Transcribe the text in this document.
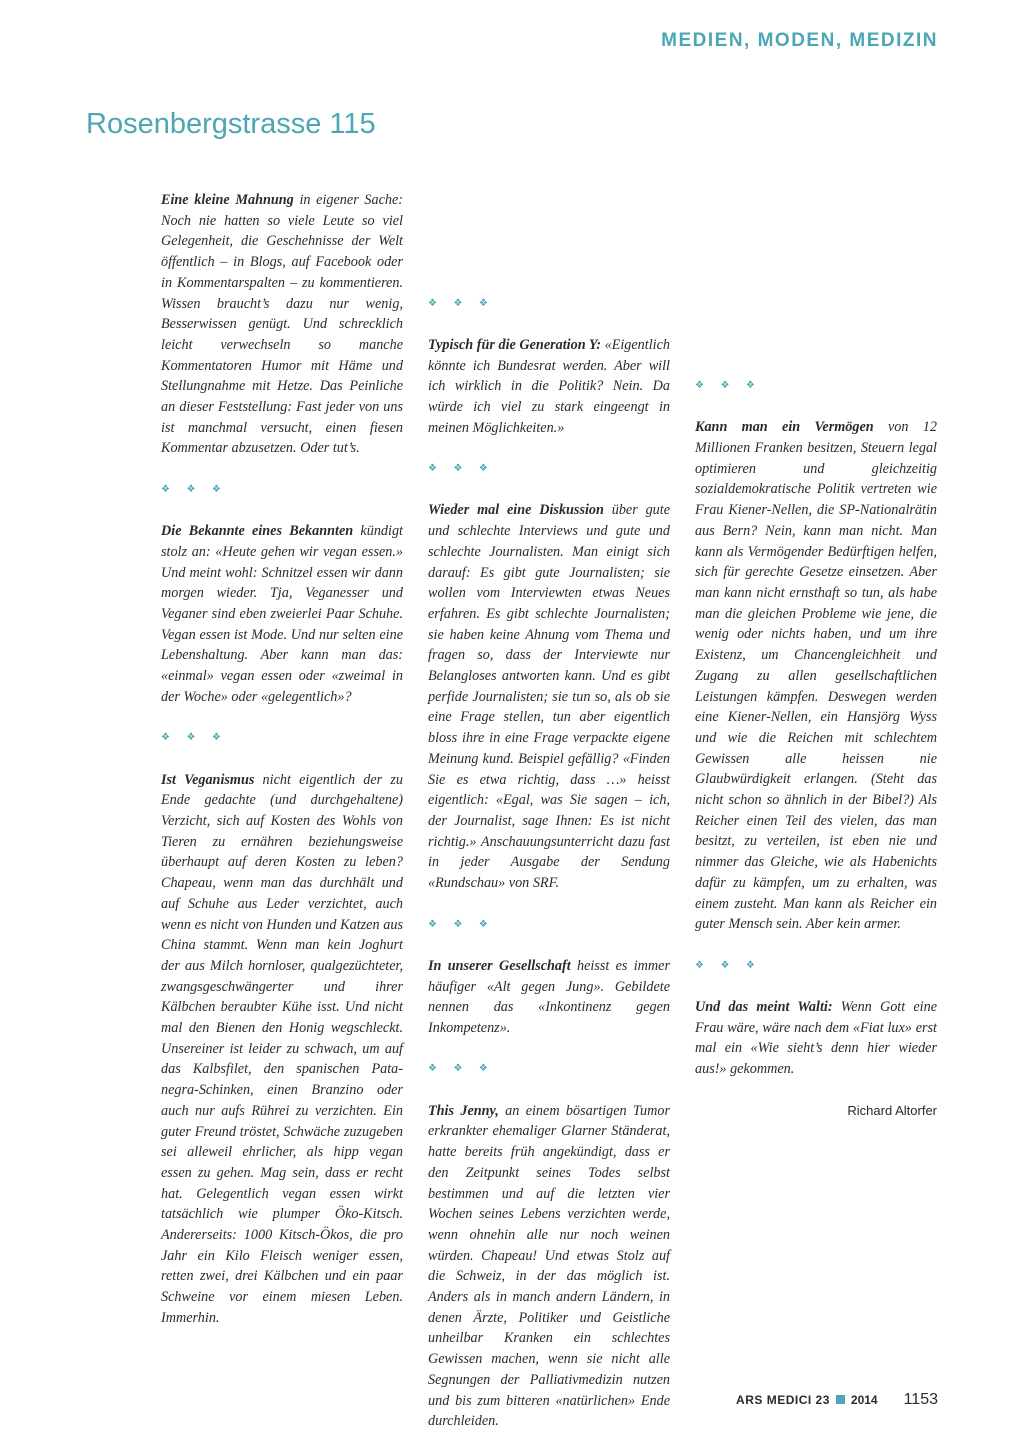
MEDIEN, MODEN, MEDIZIN
Rosenbergstrasse 115

Eine kleine Mahnung in eigener Sache: Noch nie hatten so viele Leute so viel Gelegenheit, die Geschehnisse der Welt öffentlich – in Blogs, auf Facebook oder in Kommentarspalten – zu kommentieren. Wissen braucht’s dazu nur wenig, Besserwissen genügt. Und schrecklich leicht verwechseln so manche Kommentatoren Humor mit Häme und Stellungnahme mit Hetze. Das Peinliche an dieser Feststellung: Fast jeder von uns ist manchmal versucht, einen fiesen Kommentar abzusetzen. Oder tut’s.

❖ ❖ ❖

Die Bekannte eines Bekannten kündigt stolz an: «Heute gehen wir vegan essen.» Und meint wohl: Schnitzel essen wir dann morgen wieder. Tja, Veganesser und Veganer sind eben zweierlei Paar Schuhe. Vegan essen ist Mode. Und nur selten eine Lebenshaltung. Aber kann man das: «einmal» vegan essen oder «zweimal in der Woche» oder «gelegentlich»?

❖ ❖ ❖

Ist Veganismus nicht eigentlich der zu Ende gedachte (und durchgehaltene) Verzicht, sich auf Kosten des Wohls von Tieren zu ernähren beziehungsweise überhaupt auf deren Kosten zu leben? Chapeau, wenn man das durchhält und auf Schuhe aus Leder verzichtet, auch wenn es nicht von Hunden und Katzen aus China stammt. Wenn man kein Joghurt der aus Milch hornloser, qualgezüchteter, zwangsgeschwängerter und ihrer Kälbchen beraubter Kühe isst. Und nicht mal den Bienen den Honig wegschleckt. Unsereiner ist leider zu schwach, um auf das Kalbsfilet, den spanischen Pata-negra-Schinken, einen Branzino oder auch nur aufs Rührei zu verzichten. Ein guter Freund tröstet, Schwäche zuzugeben sei alleweil ehrlicher, als hipp vegan essen zu gehen. Mag sein, dass er recht hat. Gelegentlich vegan essen wirkt tatsächlich wie plumper Öko-Kitsch. Andererseits: 1000 Kitsch-Ökos, die pro Jahr ein Kilo Fleisch weniger essen, retten zwei, drei Kälbchen und ein paar Schweine vor einem miesen Leben. Immerhin.

❖ ❖ ❖

Typisch für die Generation Y: «Eigentlich könnte ich Bundesrat werden. Aber will ich wirklich in die Politik? Nein. Da würde ich viel zu stark eingeengt in meinen Möglichkeiten.»

❖ ❖ ❖

Wieder mal eine Diskussion über gute und schlechte Interviews und gute und schlechte Journalisten. Man einigt sich darauf: Es gibt gute Journalisten; sie wollen vom Interviewten etwas Neues erfahren. Es gibt schlechte Journalisten; sie haben keine Ahnung vom Thema und fragen so, dass der Interviewte nur Belangloses antworten kann. Und es gibt perfide Journalisten; sie tun so, als ob sie eine Frage stellen, tun aber eigentlich bloss ihre in eine Frage verpackte eigene Meinung kund. Beispiel gefällig? «Finden Sie es etwa richtig, dass …» heisst eigentlich: «Egal, was Sie sagen – ich, der Journalist, sage Ihnen: Es ist nicht richtig.» Anschauungsunterricht dazu fast in jeder Ausgabe der Sendung «Rundschau» von SRF.

❖ ❖ ❖

In unserer Gesellschaft heisst es immer häufiger «Alt gegen Jung». Gebildete nennen das «Inkontinenz gegen Inkompetenz».

❖ ❖ ❖

This Jenny, an einem bösartigen Tumor erkrankter ehemaliger Glarner Ständerat, hatte bereits früh angekündigt, dass er den Zeitpunkt seines Todes selbst bestimmen und auf die letzten vier Wochen seines Lebens verzichten werde, wenn ohnehin alle nur noch weinen würden. Chapeau! Und etwas Stolz auf die Schweiz, in der das möglich ist. Anders als in manch andern Ländern, in denen Ärzte, Politiker und Geistliche unheilbar Kranken ein schlechtes Gewissen machen, wenn sie nicht alle Segnungen der Palliativmedizin nutzen und bis zum bitteren «natürlichen» Ende durchleiden.

❖ ❖ ❖

Kann man ein Vermögen von 12 Millionen Franken besitzen, Steuern legal optimieren und gleichzeitig sozialdemokratische Politik vertreten wie Frau Kiener-Nellen, die SP-Nationalrätin aus Bern? Nein, kann man nicht. Man kann als Vermögender Bedürftigen helfen, sich für gerechte Gesetze einsetzen. Aber man kann nicht ernsthaft so tun, als habe man die gleichen Probleme wie jene, die wenig oder nichts haben, und um ihre Existenz, um Chancengleichheit und Zugang zu allen gesellschaftlichen Leistungen kämpfen. Deswegen werden eine Kiener-Nellen, ein Hansjörg Wyss und wie die Reichen mit schlechtem Gewissen alle heissen nie Glaubwürdigkeit erlangen. (Steht das nicht schon so ähnlich in der Bibel?) Als Reicher einen Teil des vielen, das man besitzt, zu verteilen, ist eben nie und nimmer das Gleiche, wie als Habenichts dafür zu kämpfen, um zu erhalten, was einem zusteht. Man kann als Reicher ein guter Mensch sein. Aber kein armer.

❖ ❖ ❖

Und das meint Walti: Wenn Gott eine Frau wäre, wäre nach dem «Fiat lux» erst mal ein «Wie sieht’s denn hier wieder aus!» gekommen.

Richard Altorfer
ARS MEDICI 23 2014 1153
